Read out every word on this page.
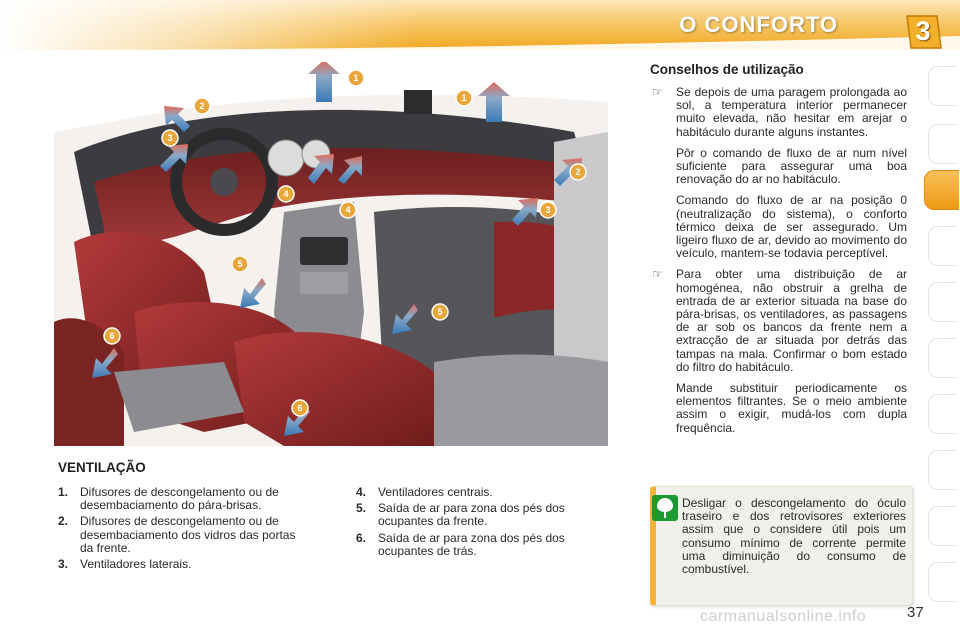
O CONFORTO	3
1
1
2
2
3
3
4
4
5
5
6
6
Conselhos de utilização
☞ Se depois de uma paragem prolongada ao sol, a temperatura interior permanecer muito elevada, não hesitar em arejar o habitáculo durante alguns instantes.

Pôr o comando de fluxo de ar num nível suficiente para assegurar uma boa renovação do ar no habitáculo.

Comando do fluxo de ar na posição 0 (neutralização do sistema), o conforto térmico deixa de ser assegurado. Um ligeiro fluxo de ar, devido ao movimento do veículo, mantem-se todavia perceptível.

☞ Para obter uma distribuição de ar homogénea, não obstruir a grelha de entrada de ar exterior situada na base do pára-brisas, os ventiladores, as passagens de ar sob os bancos da frente nem a extracção de ar situada por detrás das tampas na mala. Confirmar o bom estado do filtro do habitáculo.

Mande substituir periodicamente os elementos filtrantes. Se o meio ambiente assim o exigir, mudá-los com dupla frequência.

Desligar o descongelamento do óculo traseiro e dos retrovisores exteriores assim que o considere útil pois um consumo mínimo de corrente permite uma diminuição do consumo de combustível.
VENTILAÇÃO
1. Difusores de descongelamento ou de desembaciamento do pára-brisas.
2. Difusores de descongelamento ou de desembaciamento dos vidros das portas da frente.
3. Ventiladores laterais.
4. Ventiladores centrais.
5. Saída de ar para zona dos pés dos ocupantes da frente.
6. Saída de ar para zona dos pés dos ocupantes de trás.
carmanualsonline.info	37
